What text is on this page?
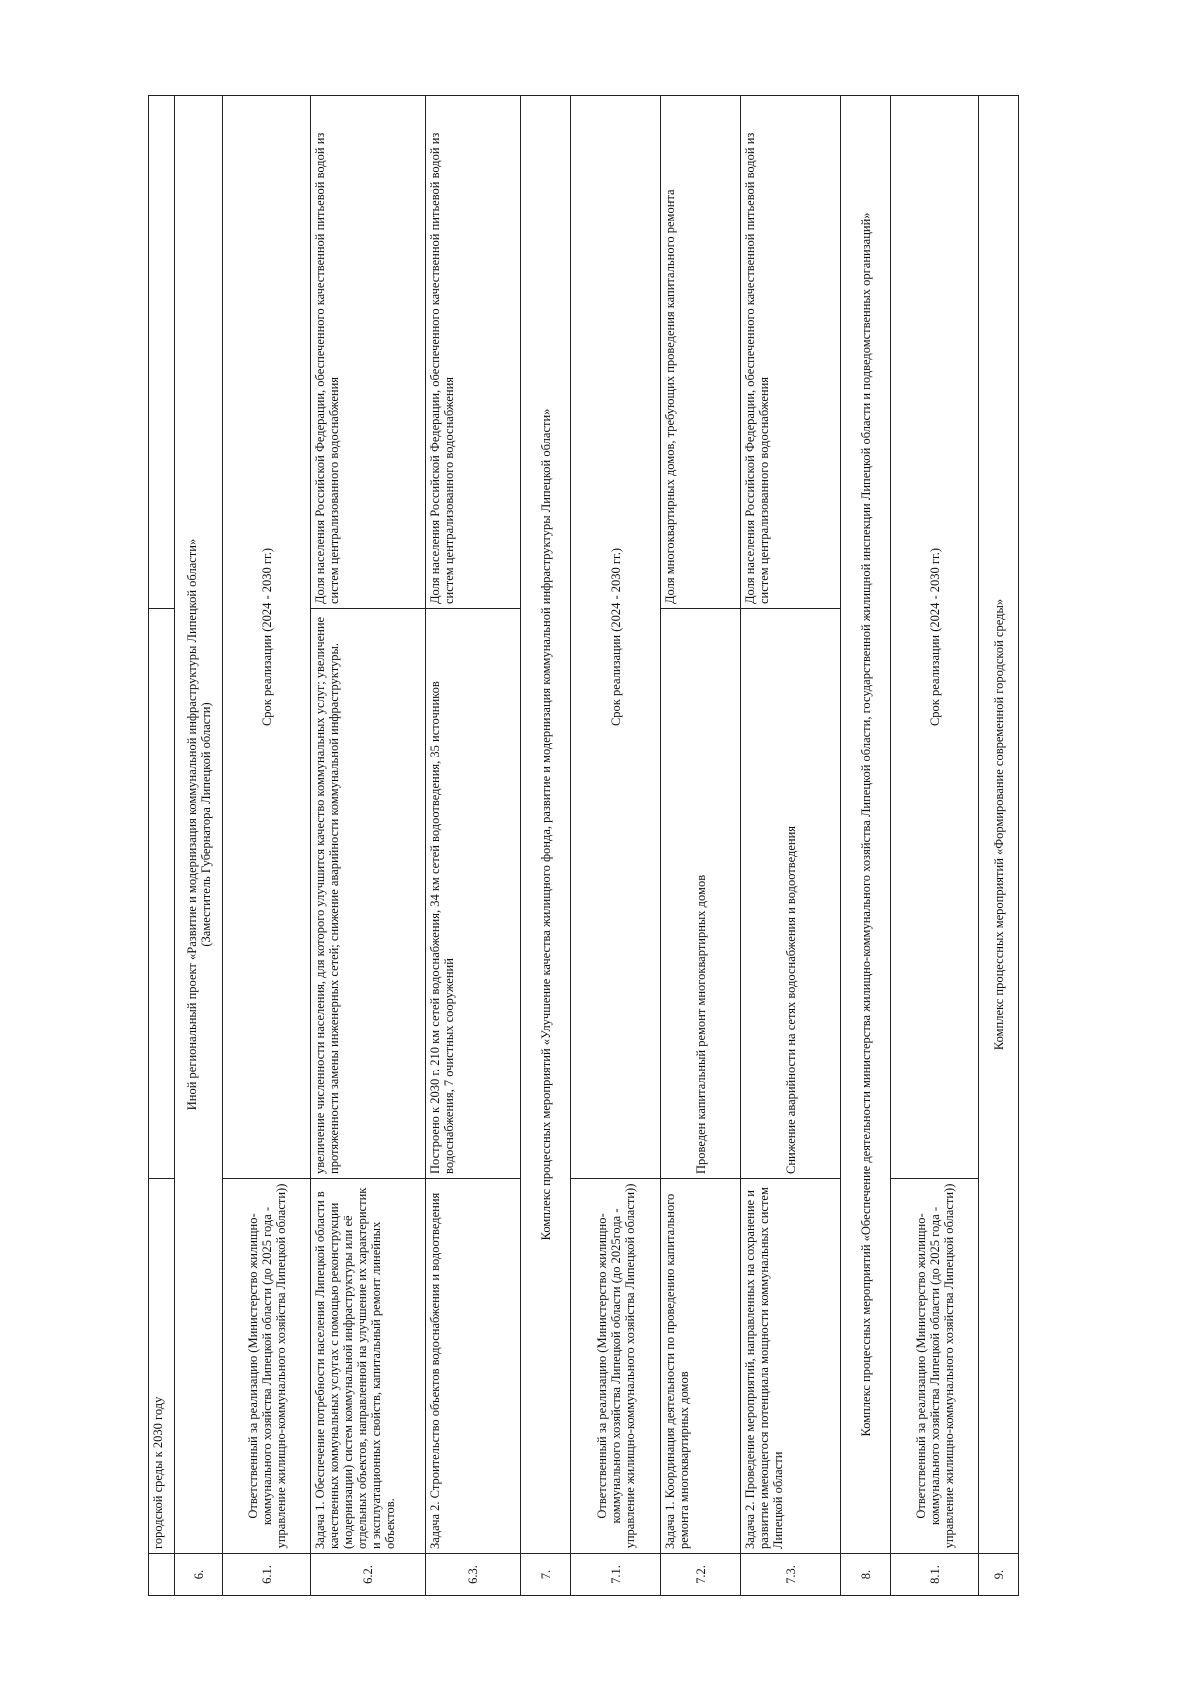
	городской среды к 2030 году		
6.	Иной региональный проект «Развитие и модернизация коммунальной инфраструктуры Липецкой области» (Заместитель Губернатора Липецкой области)		

6.1.	Ответственный за реализацию (Министерство жилищно-коммунального хозяйства Липецкой области (до 2025 года - управление жилищно-коммунального хозяйства Липецкой области))	Срок реализации (2024 - 2030 гг.)	
6.2.	Задача 1. Обеспечение потребности населения Липецкой области в качественных коммунальных услугах с помощью реконструкции (модернизации) систем коммунальной инфраструктуры или её отдельных объектов, направленной на улучшение их характеристик и эксплуатационных свойств, капитальный ремонт линейных объектов.	увеличение численности населения, для которого улучшится качество коммунальных услуг; увеличение протяженности замены инженерных сетей; снижение аварийности коммунальной инфраструктуры.	Доля населения Российской Федерации, обеспеченного качественной питьевой водой из систем централизованного водоснабжения
6.3.	Задача 2. Строительство объектов водоснабжения и водоотведения	Построено к 2030 г. 210 км сетей водоснабжения, 34 км сетей водоотведения, 35 источников водоснабжения, 7 очистных сооружений	Доля населения Российской Федерации, обеспеченного качественной питьевой водой из систем централизованного водоснабжения
7.	Комплекс процессных мероприятий «Улучшение качества жилищного фонда, развитие и модернизация коммунальной инфраструктуры Липецкой области»		
7.1.	Ответственный за реализацию (Министерство жилищно-коммунального хозяйства Липецкой области (до 2025года - управление жилищно-коммунального хозяйства Липецкой области))	Срок реализации (2024 - 2030 гг.)	
7.2.	Задача 1. Координация деятельности по проведению капитального ремонта многоквартирных домов	Проведен капитальный ремонт многоквартирных домов	Доля многоквартирных домов, требующих проведения капитального ремонта
7.3.	Задача 2. Проведение мероприятий, направленных на сохранение и развитие имеющегося потенциала мощности коммунальных систем Липецкой области	Снижение аварийности на сетях водоснабжения и водоотведения	Доля населения Российской Федерации, обеспеченного качественной питьевой водой из систем централизованного водоснабжения
8.	Комплекс процессных мероприятий «Обеспечение деятельности министерства жилищно-коммунального хозяйства Липецкой области, государственной жилищной инспекции Липецкой области и подведомственных организаций»		
8.1.	Ответственный за реализацию (Министерство жилищно-коммунального хозяйства Липецкой области (до 2025 года - управление жилищно-коммунального хозяйства Липецкой области))	Срок реализации (2024 - 2030 гг.)	
9.	Комплекс процессных мероприятий «Формирование современной городской среды»		
